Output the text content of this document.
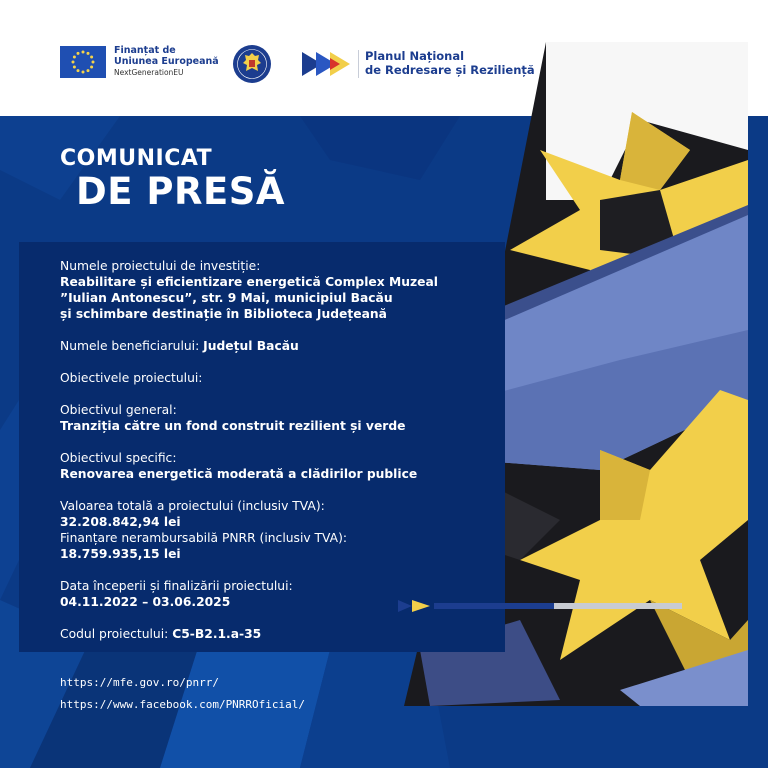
Finanțat de
Uniunea Europeană
NextGenerationEU
Planul Național
de Redresare și Reziliență
COMUNICAT
DE PRESĂ
Numele proiectului de investiție:
Reabilitare și eficientizare energetică Complex Muzeal
”Iulian Antonescu”, str. 9 Mai, municipiul Bacău
și schimbare destinație în Biblioteca Județeană
Numele beneficiarului: Județul Bacău
Obiectivele proiectului:
Obiectivul general:
Tranziția către un fond construit rezilient și verde
Obiectivul specific:
Renovarea energetică moderată a clădirilor publice
Valoarea totală a proiectului (inclusiv TVA):
32.208.842,94 lei
Finanțare nerambursabilă PNRR (inclusiv TVA):
18.759.935,15 lei
Data începerii și finalizării proiectului:
04.11.2022 – 03.06.2025
Codul proiectului: C5-B2.1.a-35
https://mfe.gov.ro/pnrr/
https://www.facebook.com/PNRROficial/
